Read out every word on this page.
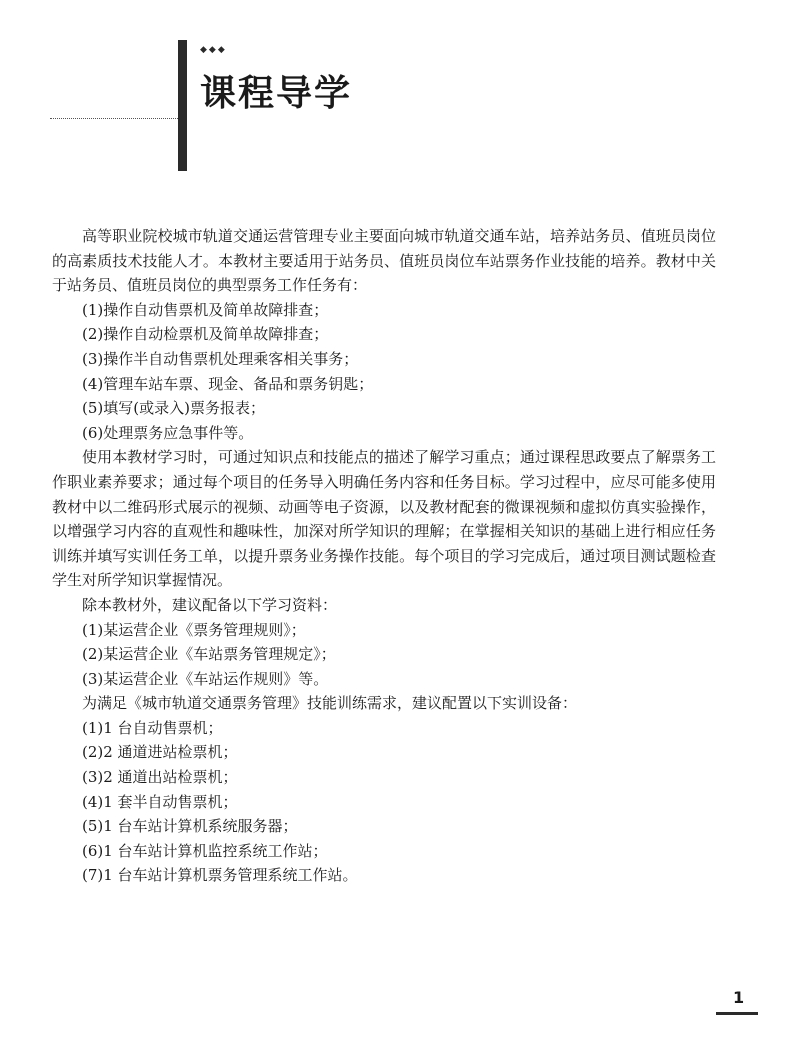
◆◆◆
课程导学

高等职业院校城市轨道交通运营管理专业主要面向城市轨道交通车站，培养站务员、值班员岗位的高素质技术技能人才。本教材主要适用于站务员、值班员岗位车站票务作业技能的培养。教材中关于站务员、值班员岗位的典型票务工作任务有：

(1)操作自动售票机及简单故障排查；

(2)操作自动检票机及简单故障排查；

(3)操作半自动售票机处理乘客相关事务；

(4)管理车站车票、现金、备品和票务钥匙；

(5)填写(或录入)票务报表；

(6)处理票务应急事件等。

使用本教材学习时，可通过知识点和技能点的描述了解学习重点；通过课程思政要点了解票务工作职业素养要求；通过每个项目的任务导入明确任务内容和任务目标。学习过程中，应尽可能多使用教材中以二维码形式展示的视频、动画等电子资源，以及教材配套的微课视频和虚拟仿真实验操作，以增强学习内容的直观性和趣味性，加深对所学知识的理解；在掌握相关知识的基础上进行相应任务训练并填写实训任务工单，以提升票务业务操作技能。每个项目的学习完成后，通过项目测试题检查学生对所学知识掌握情况。

除本教材外，建议配备以下学习资料：

(1)某运营企业《票务管理规则》；

(2)某运营企业《车站票务管理规定》；

(3)某运营企业《车站运作规则》等。

为满足《城市轨道交通票务管理》技能训练需求，建议配置以下实训设备：

(1)1 台自动售票机；

(2)2 通道进站检票机；

(3)2 通道出站检票机；

(4)1 套半自动售票机；

(5)1 台车站计算机系统服务器；

(6)1 台车站计算机监控系统工作站；

(7)1 台车站计算机票务管理系统工作站。

1
